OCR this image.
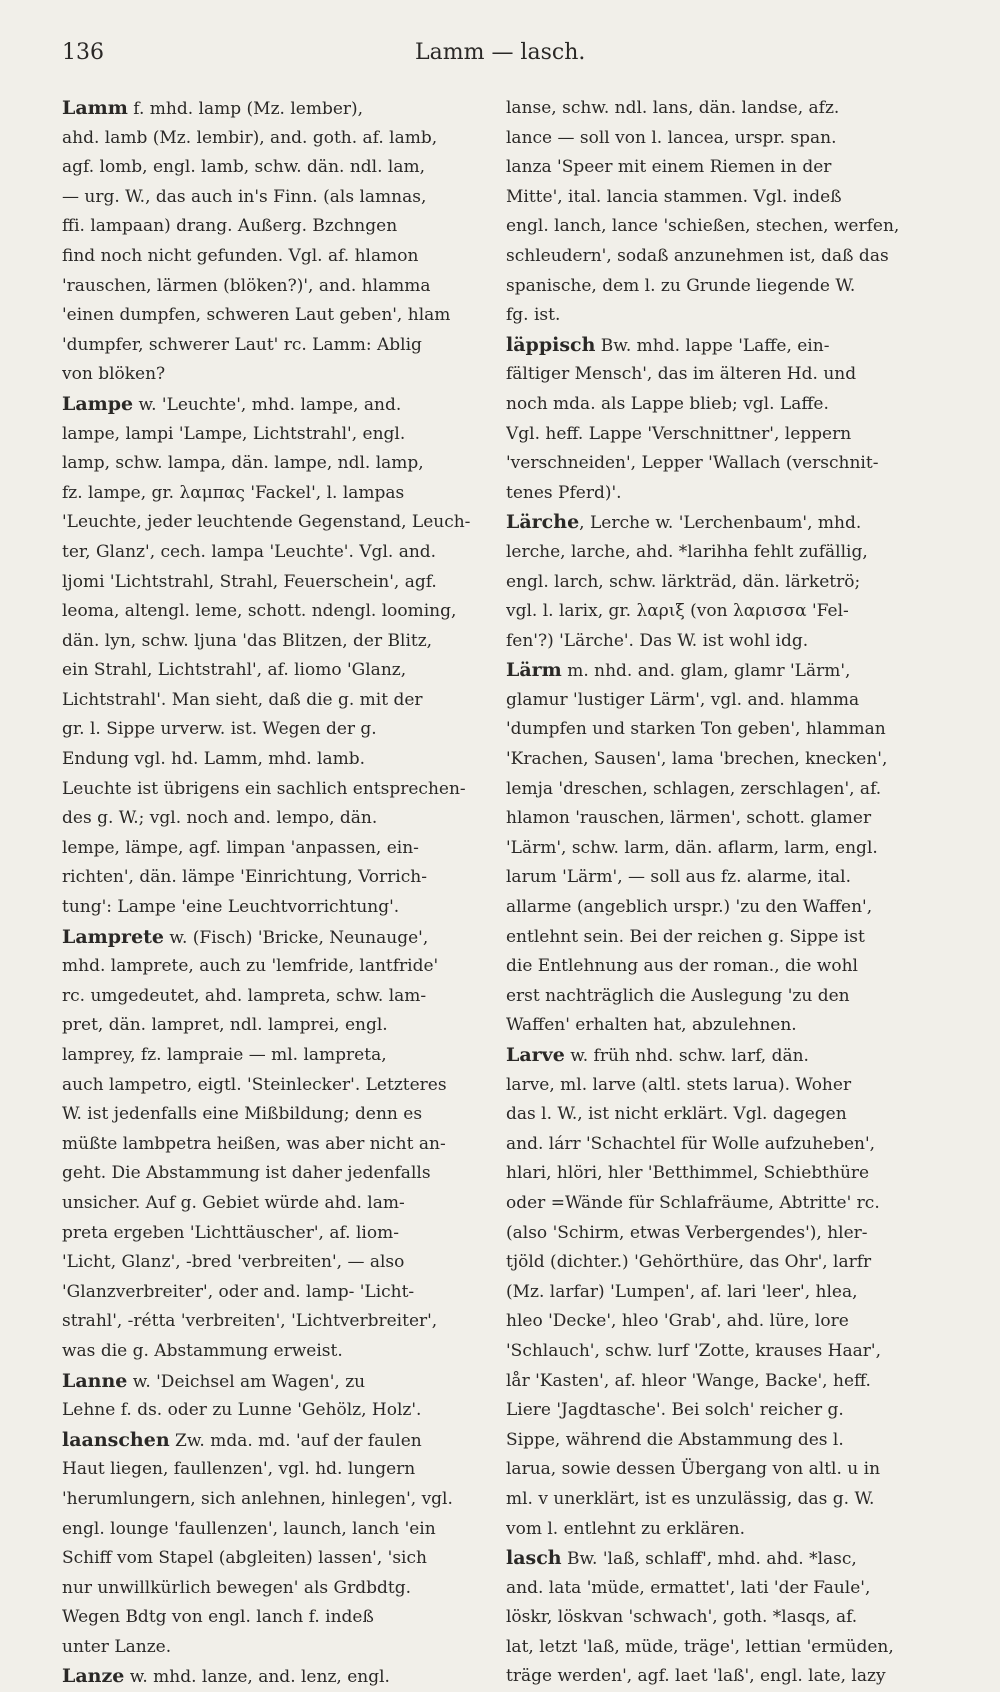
136	Lamm — lasch.
Lamm f. mhd. lamp (Mz. lember),
ahd. lamb (Mz. lembir), and. goth. af. lamb,
agf. lomb, engl. lamb, schw. dän. ndl. lam,
— urg. W., das auch in's Finn. (als lamnas,
ffi. lampaan) drang. Außerg. Bzchngen
find noch nicht gefunden. Vgl. af. hlamon
'rauschen, lärmen (blöken?)', and. hlamma
'einen dumpfen, schweren Laut geben', hlam
'dumpfer, schwerer Laut' rc. Lamm: Ablig
von blöken?
Lampe w. 'Leuchte', mhd. lampe, and.
lampe, lampi 'Lampe, Lichtstrahl', engl.
lamp, schw. lampa, dän. lampe, ndl. lamp,
fz. lampe, gr. λαμπας 'Fackel', l. lampas
'Leuchte, jeder leuchtende Gegenstand, Leuch-
ter, Glanz', cech. lampa 'Leuchte'. Vgl. and.
ljomi 'Lichtstrahl, Strahl, Feuerschein', agf.
leoma, altengl. leme, schott. ndengl. looming,
dän. lyn, schw. ljuna 'das Blitzen, der Blitz,
ein Strahl, Lichtstrahl', af. liomo 'Glanz,
Lichtstrahl'. Man sieht, daß die g. mit der
gr. l. Sippe urverw. ist. Wegen der g.
Endung vgl. hd. Lamm, mhd. lamb.
Leuchte ist übrigens ein sachlich entsprechen-
des g. W.; vgl. noch and. lempo, dän.
lempe, lämpe, agf. limpan 'anpassen, ein-
richten', dän. lämpe 'Einrichtung, Vorrich-
tung': Lampe 'eine Leuchtvorrichtung'.
Lamprete w. (Fisch) 'Bricke, Neunauge',
mhd. lamprete, auch zu 'lemfride, lantfride'
rc. umgedeutet, ahd. lampreta, schw. lam-
pret, dän. lampret, ndl. lamprei, engl.
lamprey, fz. lampraie — ml. lampreta,
auch lampetro, eigtl. 'Steinlecker'. Letzteres
W. ist jedenfalls eine Mißbildung; denn es
müßte lambpetra heißen, was aber nicht an-
geht. Die Abstammung ist daher jedenfalls
unsicher. Auf g. Gebiet würde ahd. lam-
preta ergeben 'Lichttäuscher', af. liom-
'Licht, Glanz', -bred 'verbreiten', — also
'Glanzverbreiter', oder and. lamp- 'Licht-
strahl', -rétta 'verbreiten', 'Lichtverbreiter',
was die g. Abstammung erweist.
Lanne w. 'Deichsel am Wagen', zu
Lehne f. ds. oder zu Lunne 'Gehölz, Holz'.
laanschen Zw. mda. md. 'auf der faulen
Haut liegen, faullenzen', vgl. hd. lungern
'herumlungern, sich anlehnen, hinlegen', vgl.
engl. lounge 'faullenzen', launch, lanch 'ein
Schiff vom Stapel (abgleiten) lassen', 'sich
nur unwillkürlich bewegen' als Grdbdtg.
Wegen Bdtg von engl. lanch f. indeß
unter Lanze.
Lanze w. mhd. lanze, and. lenz, engl.
lanse, schw. ndl. lans, dän. landse, afz.
lance — soll von l. lancea, urspr. span.
lanza 'Speer mit einem Riemen in der
Mitte', ital. lancia stammen. Vgl. indeß
engl. lanch, lance 'schießen, stechen, werfen,
schleudern', sodaß anzunehmen ist, daß das
spanische, dem l. zu Grunde liegende W.
fg. ist.
läppisch Bw. mhd. lappe 'Laffe, ein-
fältiger Mensch', das im älteren Hd. und
noch mda. als Lappe blieb; vgl. Laffe.
Vgl. heff. Lappe 'Verschnittner', leppern
'verschneiden', Lepper 'Wallach (verschnit-
tenes Pferd)'.
Lärche, Lerche w. 'Lerchenbaum', mhd.
lerche, larche, ahd. *larihha fehlt zufällig,
engl. larch, schw. lärkträd, dän. lärketrö;
vgl. l. larix, gr. λαριξ (von λαρισσα 'Fel-
fen'?) 'Lärche'. Das W. ist wohl idg.
Lärm m. nhd. and. glam, glamr 'Lärm',
glamur 'lustiger Lärm', vgl. and. hlamma
'dumpfen und starken Ton geben', hlamman
'Krachen, Sausen', lama 'brechen, knecken',
lemja 'dreschen, schlagen, zerschlagen', af.
hlamon 'rauschen, lärmen', schott. glamer
'Lärm', schw. larm, dän. aflarm, larm, engl.
larum 'Lärm', — soll aus fz. alarme, ital.
allarme (angeblich urspr.) 'zu den Waffen',
entlehnt sein. Bei der reichen g. Sippe ist
die Entlehnung aus der roman., die wohl
erst nachträglich die Auslegung 'zu den
Waffen' erhalten hat, abzulehnen.
Larve w. früh nhd. schw. larf, dän.
larve, ml. larve (altl. stets larua). Woher
das l. W., ist nicht erklärt. Vgl. dagegen
and. lárr 'Schachtel für Wolle aufzuheben',
hlari, hlöri, hler 'Betthimmel, Schiebthüre
oder =Wände für Schlafräume, Abtritte' rc.
(also 'Schirm, etwas Verbergendes'), hler-
tjöld (dichter.) 'Gehörthüre, das Ohr', larfr
(Mz. larfar) 'Lumpen', af. lari 'leer', hlea,
hleo 'Decke', hleo 'Grab', ahd. lüre, lore
'Schlauch', schw. lurf 'Zotte, krauses Haar',
lår 'Kasten', af. hleor 'Wange, Backe', heff.
Liere 'Jagdtasche'. Bei solch' reicher g.
Sippe, während die Abstammung des l.
larua, sowie dessen Übergang von altl. u in
ml. v unerklärt, ist es unzulässig, das g. W.
vom l. entlehnt zu erklären.
lasch Bw. 'laß, schlaff', mhd. ahd. *lasc,
and. lata 'müde, ermattet', lati 'der Faule',
löskr, löskvan 'schwach', goth. *lasqs, af.
lat, letzt 'laß, müde, träge', lettian 'ermüden,
träge werden', agf. laet 'laß', engl. late, lazy
